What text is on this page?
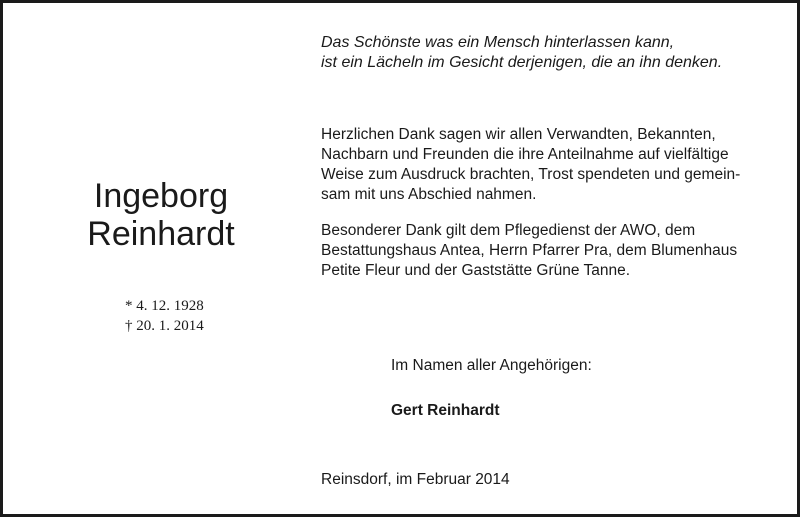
Das Schönste was ein Mensch hinterlassen kann,
ist ein Lächeln im Gesicht derjenigen, die an ihn denken.
Ingeborg
Reinhardt
* 4. 12. 1928
† 20. 1. 2014
Herzlichen Dank sagen wir allen Verwandten, Bekannten,
Nachbarn und Freunden die ihre Anteilnahme auf vielfältige
Weise zum Ausdruck brachten, Trost spendeten und gemein-
sam mit uns Abschied nahmen.
Besonderer Dank gilt dem Pflegedienst der AWO, dem
Bestattungshaus Antea, Herrn Pfarrer Pra, dem Blumenhaus
Petite Fleur und der Gaststätte Grüne Tanne.
Im Namen aller Angehörigen:
Gert Reinhardt
Reinsdorf, im Februar 2014
